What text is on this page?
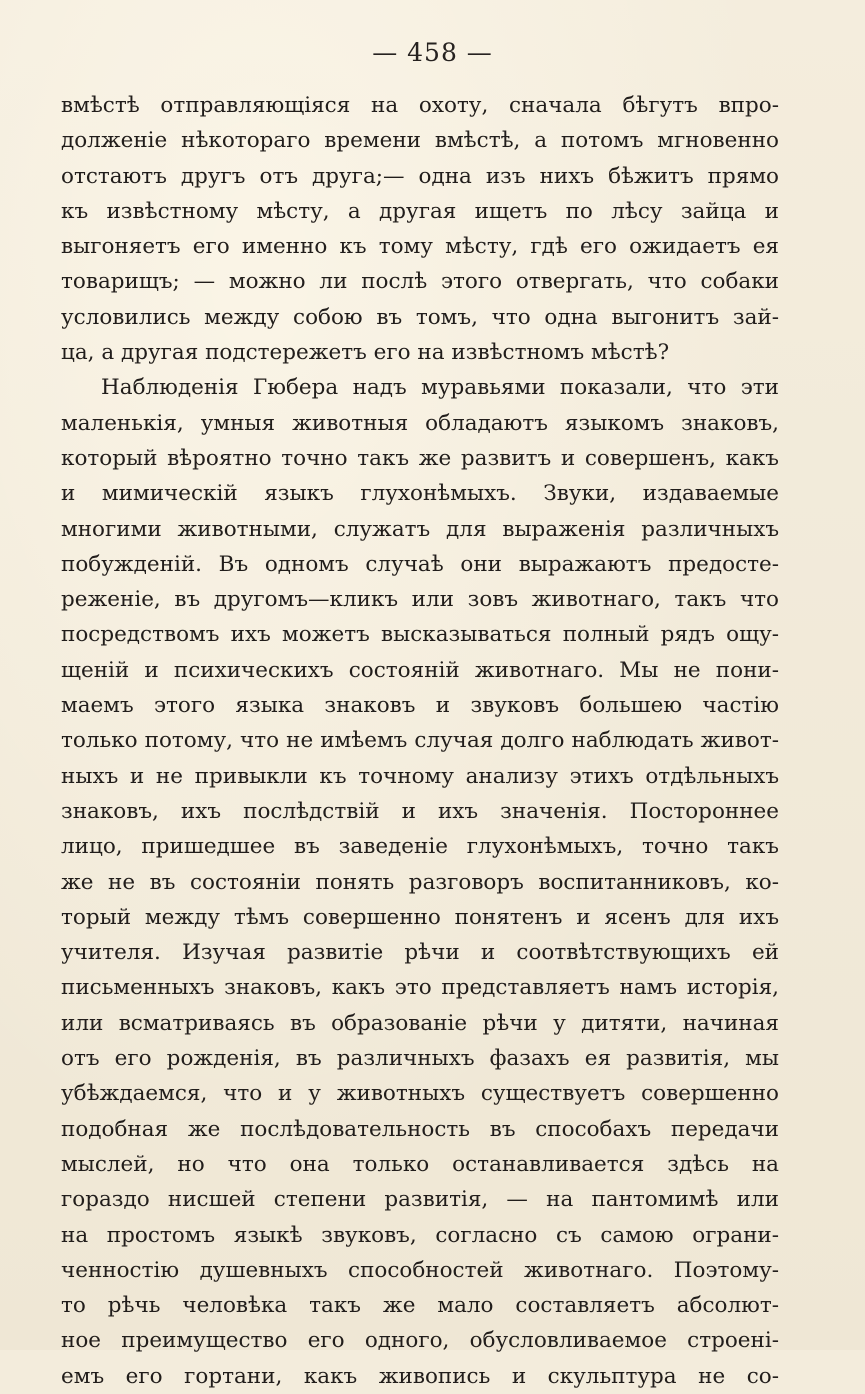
— 458 —
вмѣстѣ отправляющіяся на охоту, сначала бѣгутъ впро-
долженіе нѣкотораго времени вмѣстѣ, а потомъ мгновенно
отстаютъ другъ отъ друга;— одна изъ нихъ бѣжитъ прямо
къ извѣстному мѣсту, а другая ищетъ по лѣсу зайца и
выгоняетъ его именно къ тому мѣсту, гдѣ его ожидаетъ ея
товарищъ; — можно ли послѣ этого отвергать, что собаки
условились между собою въ томъ, что одна выгонитъ зай-
ца, а другая подстережетъ его на извѣстномъ мѣстѣ?
Наблюденія Гюбера надъ муравьями показали, что эти
маленькія, умныя животныя обладаютъ языкомъ знаковъ,
который вѣроятно точно такъ же развитъ и совершенъ, какъ
и мимическій языкъ глухонѣмыхъ. Звуки, издаваемые
многими животными, служатъ для выраженія различныхъ
побужденій. Въ одномъ случаѣ они выражаютъ предосте-
реженіе, въ другомъ—кликъ или зовъ животнаго, такъ что
посредствомъ ихъ можетъ высказываться полный рядъ ощу-
щеній и психическихъ состояній животнаго. Мы не пони-
маемъ этого языка знаковъ и звуковъ большею частію
только потому, что не имѣемъ случая долго наблюдать живот-
ныхъ и не привыкли къ точному анализу этихъ отдѣльныхъ
знаковъ, ихъ послѣдствій и ихъ значенія. Постороннее
лицо, пришедшее въ заведеніе глухонѣмыхъ, точно такъ
же не въ состояніи понять разговоръ воспитанниковъ, ко-
торый между тѣмъ совершенно понятенъ и ясенъ для ихъ
учителя. Изучая развитіе рѣчи и соотвѣтствующихъ ей
письменныхъ знаковъ, какъ это представляетъ намъ исторія,
или всматриваясь въ образованіе рѣчи у дитяти, начиная
отъ его рожденія, въ различныхъ фазахъ ея развитія, мы
убѣждаемся, что и у животныхъ существуетъ совершенно
подобная же послѣдовательность въ способахъ передачи
мыслей, но что она только останавливается здѣсь на
гораздо нисшей степени развитія, — на пантомимѣ или
на простомъ языкѣ звуковъ, согласно съ самою ограни-
ченностію душевныхъ способностей животнаго. Поэтому-
то рѣчь человѣка такъ же мало составляетъ абсолют-
ное преимущество его одного, обусловливаемое строені-
емъ его гортани, какъ живопись и скульптура не со-
